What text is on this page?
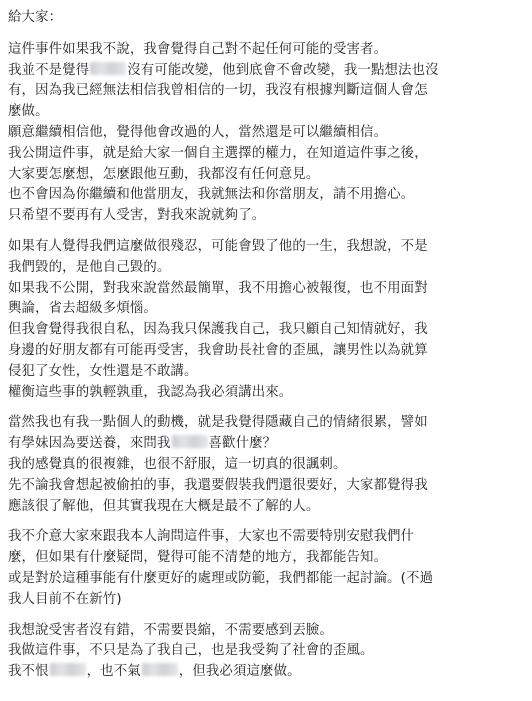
給大家：
這件事件如果我不說，我會覺得自己對不起任何可能的受害者。
我並不是覺得	沒有可能改變，他到底會不會改變，我一點想法也沒
有，因為我已經無法相信我曾相信的一切，我沒有根據判斷這個人會怎
麼做。
願意繼續相信他，覺得他會改過的人，當然還是可以繼續相信。
我公開這件事，就是給大家一個自主選擇的權力，在知道這件事之後，
大家要怎麼想，怎麼跟他互動，我都沒有任何意見。
也不會因為你繼續和他當朋友，我就無法和你當朋友，請不用擔心。
只希望不要再有人受害，對我來說就夠了。
如果有人覺得我們這麼做很殘忍，可能會毀了他的一生，我想說，不是
我們毀的，是他自己毀的。
如果我不公開，對我來說當然最簡單，我不用擔心被報復，也不用面對
輿論，省去超級多煩惱。
但我會覺得我很自私，因為我只保護我自己，我只顧自己知情就好，我
身邊的好朋友都有可能再受害，我會助長社會的歪風，讓男性以為就算
侵犯了女性，女性還是不敢講。
權衡這些事的孰輕孰重，我認為我必須講出來。
當然我也有我一點個人的動機，就是我覺得隱藏自己的情緒很累，譬如
有學妹因為要送養，來問我	喜歡什麼？
我的感覺真的很複雜，也很不舒服，這一切真的很諷刺。
先不論我會想起被偷拍的事，我還要假裝我們還很要好，大家都覺得我
應該很了解他，但其實我現在大概是最不了解的人。
我不介意大家來跟我本人詢問這件事，大家也不需要特別安慰我們什
麼，但如果有什麼疑問，覺得可能不清楚的地方，我都能告知。
或是對於這種事能有什麼更好的處理或防範，我們都能一起討論。(不過
我人目前不在新竹)
我想說受害者沒有錯，不需要畏縮，不需要感到丟臉。
我做這件事，不只是為了我自己，也是我受夠了社會的歪風。
我不恨	，也不氣	，但我必須這麼做。
